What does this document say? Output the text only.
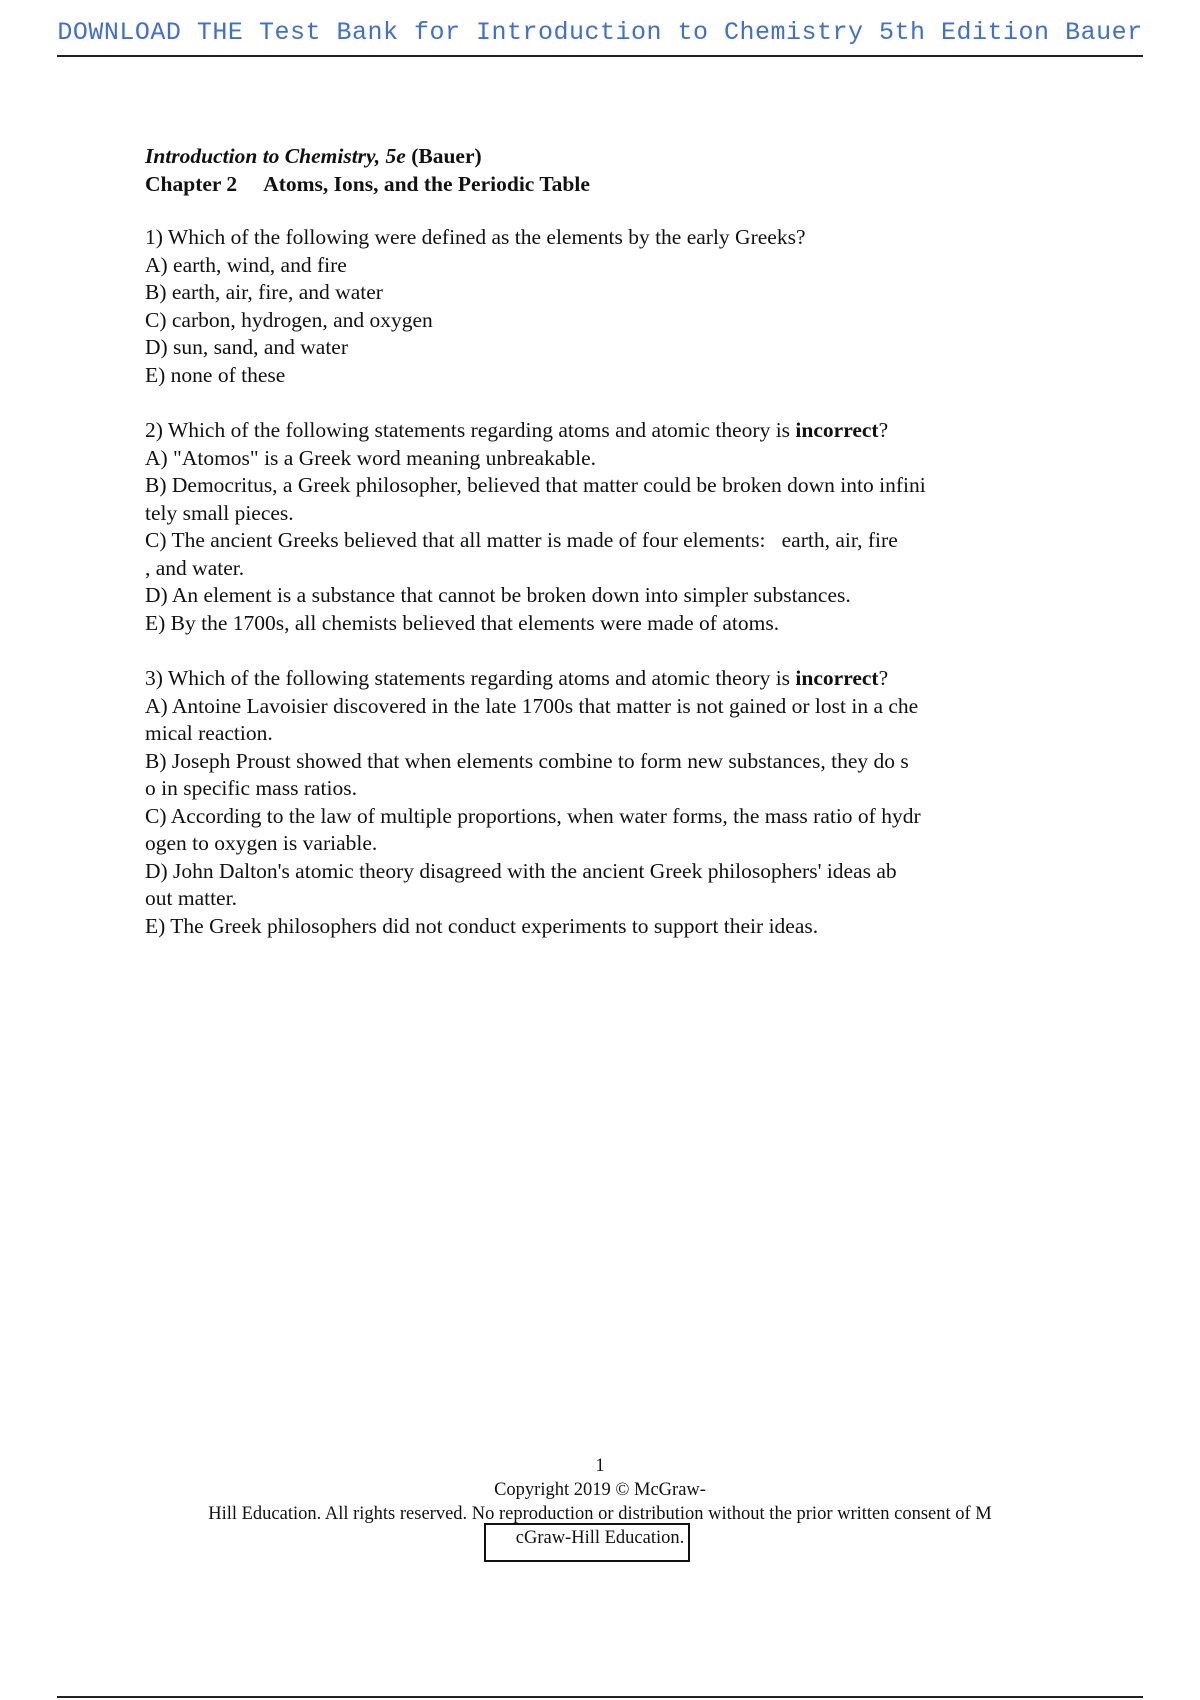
DOWNLOAD THE Test Bank for Introduction to Chemistry 5th Edition Bauer
Introduction to Chemistry, 5e (Bauer)
Chapter 2 Atoms, Ions, and the Periodic Table
1) Which of the following were defined as the elements by the early Greeks?
A) earth, wind, and fire
B) earth, air, fire, and water
C) carbon, hydrogen, and oxygen
D) sun, sand, and water
E) none of these
2) Which of the following statements regarding atoms and atomic theory is incorrect?
A) "Atomos" is a Greek word meaning unbreakable.
B) Democritus, a Greek philosopher, believed that matter could be broken down into infini
tely small pieces.
C) The ancient Greeks believed that all matter is made of four elements:   earth, air, fire
, and water.
D) An element is a substance that cannot be broken down into simpler substances.
E) By the 1700s, all chemists believed that elements were made of atoms.
3) Which of the following statements regarding atoms and atomic theory is incorrect?
A) Antoine Lavoisier discovered in the late 1700s that matter is not gained or lost in a che
mical reaction.
B) Joseph Proust showed that when elements combine to form new substances, they do s
o in specific mass ratios.
C) According to the law of multiple proportions, when water forms, the mass ratio of hydr
ogen to oxygen is variable.
D) John Dalton's atomic theory disagreed with the ancient Greek philosophers' ideas ab
out matter.
E) The Greek philosophers did not conduct experiments to support their ideas.
1
Copyright 2019 © McGraw-
Hill Education. All rights reserved. No reproduction or distribution without the prior written consent of M
cGraw-Hill Education.
